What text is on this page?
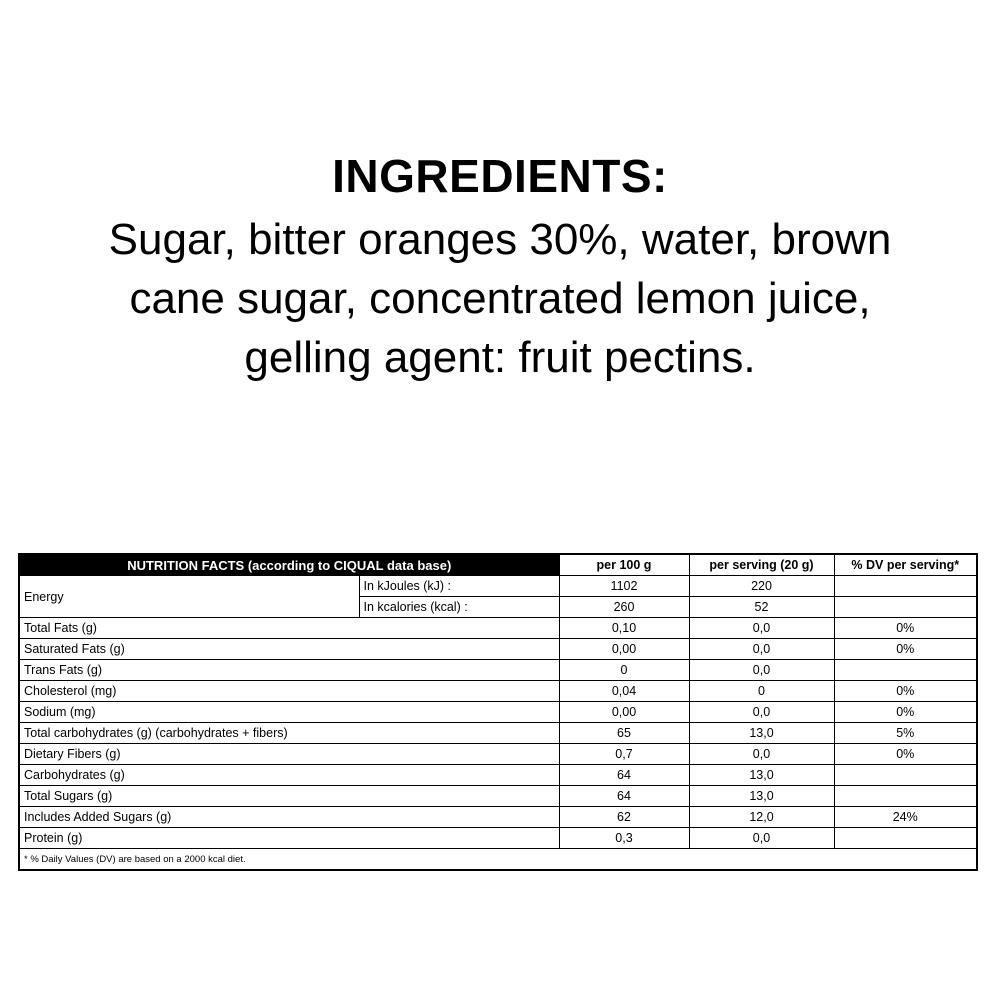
INGREDIENTS:

Sugar, bitter oranges 30%, water, brown cane sugar, concentrated lemon juice, gelling agent: fruit pectins.

NUTRITION FACTS (according to CIQUAL data base)		per 100 g	per serving (20 g)	% DV per serving*
Energy	In kJoules (kJ) :	1102	220	
	In kcalories (kcal) :	260	52	
Total Fats (g)		0,10	0,0	0%
Saturated Fats (g)		0,00	0,0	0%
Trans Fats (g)		0	0,0	
Cholesterol (mg)		0,04	0	0%
Sodium (mg)		0,00	0,0	0%
Total carbohydrates (g) (carbohydrates + fibers)		65	13,0	5%
Dietary Fibers (g)		0,7	0,0	0%
Carbohydrates (g)		64	13,0	
Total Sugars (g)		64	13,0	
Includes Added Sugars (g)		62	12,0	24%
Protein (g)		0,3	0,0	
* % Daily Values (DV) are based on a 2000 kcal diet.				
